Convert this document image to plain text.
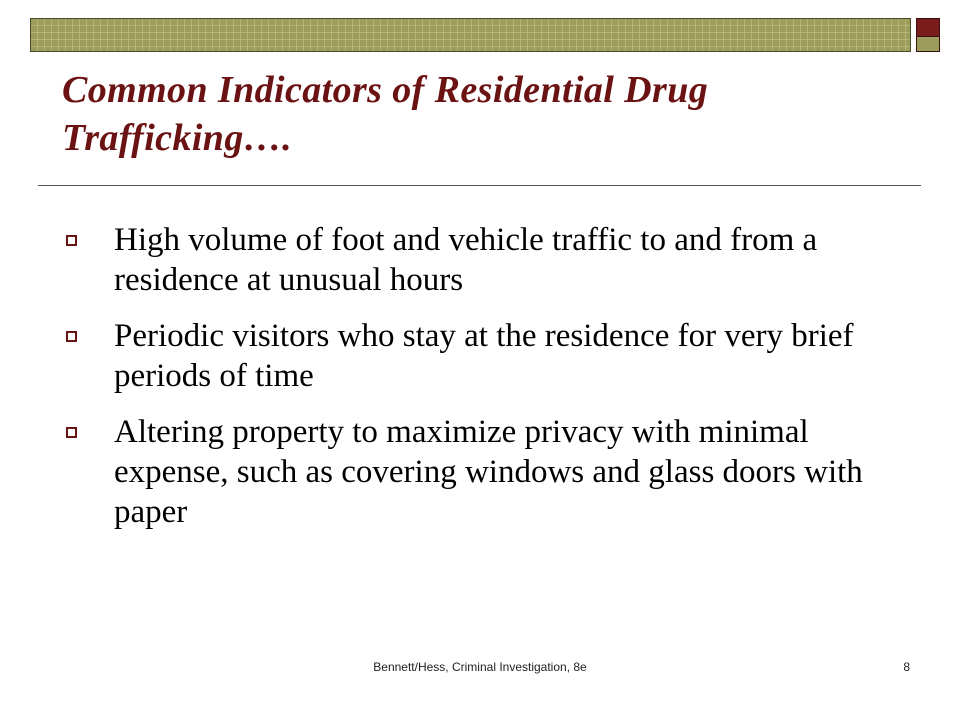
Common Indicators of Residential Drug Trafficking….
High volume of foot and vehicle traffic to and from a residence at unusual hours
Periodic visitors who stay at the residence for very brief periods of time
Altering property to maximize privacy with minimal expense, such as covering windows and glass doors with paper
Bennett/Hess, Criminal Investigation, 8e	8
